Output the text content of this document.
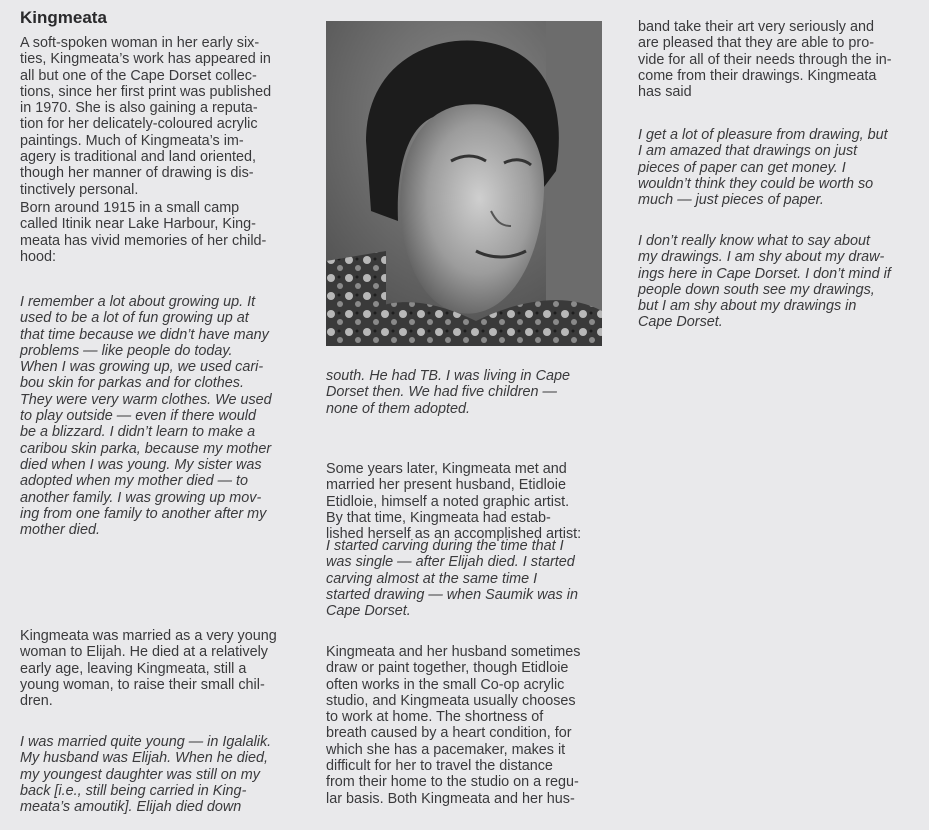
Kingmeata

A soft-spoken woman in her early six-
ties, Kingmeata’s work has appeared in
all but one of the Cape Dorset collec-
tions, since her first print was published
in 1970. She is also gaining a reputa-
tion for her delicately-coloured acrylic
paintings. Much of Kingmeata’s im-
agery is traditional and land oriented,
though her manner of drawing is dis-
tinctively personal.

Born around 1915 in a small camp
called Itinik near Lake Harbour, King-
meata has vivid memories of her child-
hood:

I remember a lot about growing up. It
used to be a lot of fun growing up at
that time because we didn’t have many
problems — like people do today.
When I was growing up, we used cari-
bou skin for parkas and for clothes.
They were very warm clothes. We used
to play outside — even if there would
be a blizzard. I didn’t learn to make a
caribou skin parka, because my mother
died when I was young. My sister was
adopted when my mother died — to
another family. I was growing up mov-
ing from one family to another after my
mother died.

Kingmeata was married as a very young
woman to Elijah. He died at a relatively
early age, leaving Kingmeata, still a
young woman, to raise their small chil-
dren.

I was married quite young — in Igalalik.
My husband was Elijah. When he died,
my youngest daughter was still on my
back [i.e., still being carried in King-
meata’s amoutik]. Elijah died down

south. He had TB. I was living in Cape
Dorset then. We had five children —
none of them adopted.

Some years later, Kingmeata met and
married her present husband, Etidloie
Etidloie, himself a noted graphic artist.
By that time, Kingmeata had estab-
lished herself as an accomplished artist:

I started carving during the time that I
was single — after Elijah died. I started
carving almost at the same time I
started drawing — when Saumik was in
Cape Dorset.

Kingmeata and her husband sometimes
draw or paint together, though Etidloie
often works in the small Co-op acrylic
studio, and Kingmeata usually chooses
to work at home. The shortness of
breath caused by a heart condition, for
which she has a pacemaker, makes it
difficult for her to travel the distance
from their home to the studio on a regu-
lar basis. Both Kingmeata and her hus-

band take their art very seriously and
are pleased that they are able to pro-
vide for all of their needs through the in-
come from their drawings. Kingmeata
has said

I get a lot of pleasure from drawing, but
I am amazed that drawings on just
pieces of paper can get money. I
wouldn’t think they could be worth so
much — just pieces of paper.

I don’t really know what to say about
my drawings. I am shy about my draw-
ings here in Cape Dorset. I don’t mind if
people down south see my drawings,
but I am shy about my drawings in
Cape Dorset.
